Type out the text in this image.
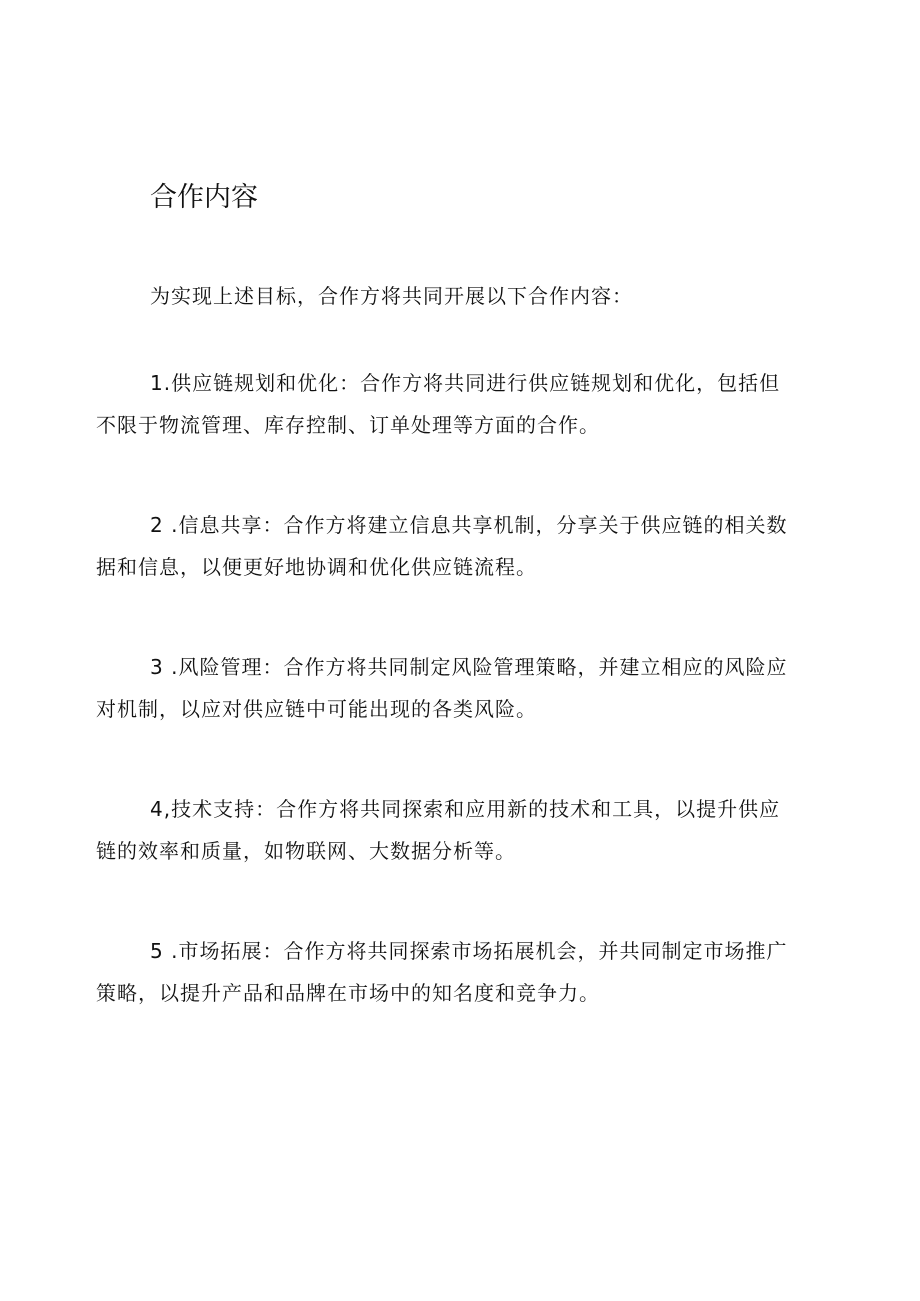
合作内容

为实现上述目标，合作方将共同开展以下合作内容：

1.供应链规划和优化：合作方将共同进行供应链规划和优化，包括但
不限于物流管理、库存控制、订单处理等方面的合作。

2 .信息共享：合作方将建立信息共享机制，分享关于供应链的相关数
据和信息，以便更好地协调和优化供应链流程。

3 .风险管理：合作方将共同制定风险管理策略，并建立相应的风险应
对机制，以应对供应链中可能出现的各类风险。

4,技术支持：合作方将共同探索和应用新的技术和工具，以提升供应
链的效率和质量，如物联网、大数据分析等。

5 .市场拓展：合作方将共同探索市场拓展机会，并共同制定市场推广
策略，以提升产品和品牌在市场中的知名度和竞争力。
